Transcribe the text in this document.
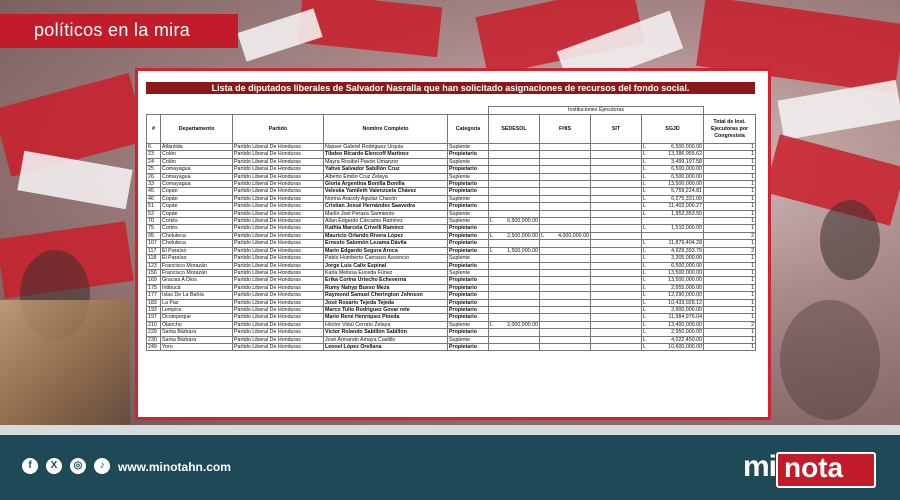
políticos en la mira
Lista de diputados liberales de Salvador Nasralla que han solicitado asignaciones de recursos del fondo social.
					Instituciones Ejecutoras				
#	Departamento	Partido	Nombre Completo	Categoria	SEDESOL	FHIS	SIT	SGJD	Total de Inst. Ejecutoras por Congresista
6	Atlántida	Partido Liberal De Honduras	Nasser Gabriel Rodriguez Urquia	Suplente				L 6,500,000.00	1
23	Colón	Partido Liberal De Honduras	Tibdeo Ricardo Elencoff Martinez	Propietario				L 13,386,955.62	1
24	Colón	Partido Liberal De Honduras	Mayra Rosibel Pavón Umanzor	Suplente				L 3,499,197.58	1
25	Comayagua	Partido Liberal De Honduras	Yahvé Salvador Sabillón Cruz	Propietario				L 6,500,000.00	1
26	Comayagua	Partido Liberal De Honduras	Alberto Emilio Cruz Zelaya	Suplente				L 6,500,000.00	1
33	Comayagua	Partido Liberal De Honduras	Gloria Argentina Bonilla Bonilla	Propietario				L 13,500,000.00	1
45	Copán	Partido Liberal De Honduras	Veleska Yamileth Valenzuela Chávez	Propietario				L 5,759,224.81	1
46	Copán	Partido Liberal De Honduras	Norma Aracely Aguilar Chacón	Suplente				L 6,275,331.00	1
51	Copán	Partido Liberal De Honduras	Cristian Josué Hernández Saavedra	Propietario				L 11,403,000.27	1
52	Copán	Partido Liberal De Honduras	Marlin Joel Peraza Sarmiento	Suplente				L 1,952,353.50	1
70	Cortés	Partido Liberal De Honduras	Allan Edgardo Cárcamo Ramírez	Suplente	L 6,500,000.00				1
75	Cortés	Partido Liberal De Honduras	Kathia Marcela Crivelli Ramírez	Propietario				L 1,510,000.00	1
95	Choluteca	Partido Liberal De Honduras	Mauricio Orlando Rivera López	Propietario	L 2,500,000.00	L 4,000,000.00			2
107	Choluteca	Partido Liberal De Honduras	Ernesto Salomón Lezama Dávila	Propietario				L 11,879,404.28	1
117	El Paraíso	Partido Liberal De Honduras	Mario Edgardo Segura Aroca	Propietario	L 1,500,000.00			L 4,929,393.79	2
118	El Paraíso	Partido Liberal De Honduras	Pablo Humberto Carrasco Ascencio	Suplente				L 3,305,000.00	1
123	Francisco Morazán	Partido Liberal De Honduras	Jorge Luis Calix Espinal	Propietario				L 6,500,000.00	1
156	Francisco Morazán	Partido Liberal De Honduras	Karla Melissa Euceda Fúnez	Suplente				L 13,500,000.00	1
169	Gracias A Dios	Partido Liberal De Honduras	Erika Corina Urtecho Echeverría	Propietario				L 13,500,000.00	1
175	Intibucá	Partido Liberal De Honduras	Rumy Nahyp Bueso Meza	Propietario				L 2,955,000.00	1
177	Islas De La Bahía	Partido Liberal De Honduras	Raymond Samuel Cherington Johnson	Propietario				L 12,290,000.00	1
183	La Paz	Partido Liberal De Honduras	José Rosario Tejeda Tejeda	Propietario				L 10,433,928.12	1
193	Lempira	Partido Liberal De Honduras	Marco Tulio Rodriguez Govar rete	Propietario				L 2,900,000.00	1
197	Ocotepeque	Partido Liberal De Honduras	Mario René Henríquez Pineda	Propietario				L 11,984,976.04	1
210	Olancho	Partido Liberal De Honduras	Héctor Vidal Cerrato Zelaya	Suplente	L 2,000,000.00			L 13,400,000.00	2
229	Santa Bárbara	Partido Liberal De Honduras	Víctor Rolando Sabillón Sabillón	Propietario				L 2,950,000.00	1
230	Santa Bárbara	Partido Liberal De Honduras	José Armando Amaya Castillo	Suplente				L 4,022,450.00	1
249	Yoro	Partido Liberal De Honduras	Leonel López Orellana	Propietario				L 10,600,000.00	1
f	X	◎	♪	www.minotahn.com	mi nota
